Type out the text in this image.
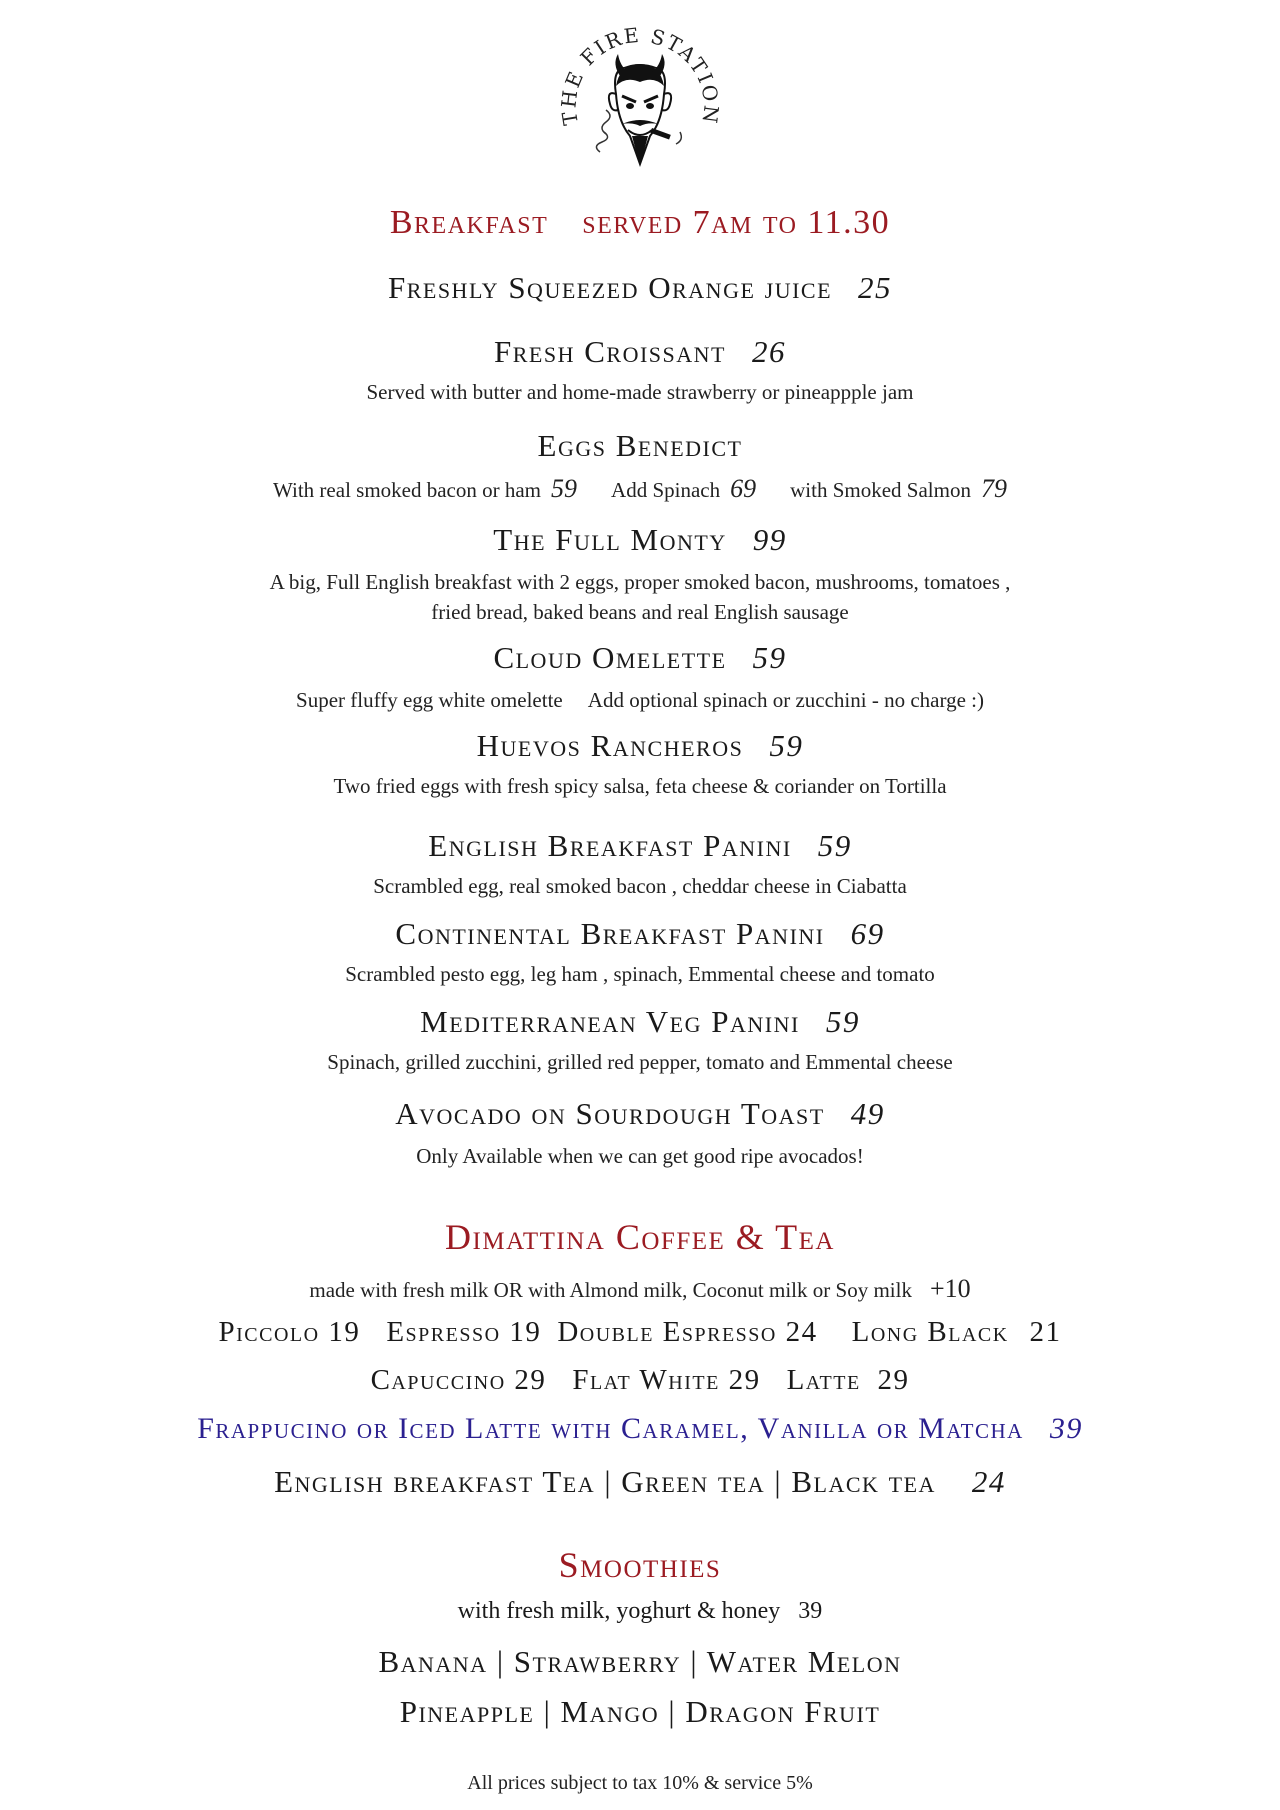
THE FIRE STATION
Breakfast served 7am to 11.30
Freshly Squeezed Orange juice 25
Fresh Croissant 26
Served with butter and home-made strawberry or pineappple jam
Eggs Benedict
With real smoked bacon or ham 59 Add Spinach 69 with Smoked Salmon 79
The Full Monty 99
A big, Full English breakfast with 2 eggs, proper smoked bacon, mushrooms, tomatoes ,
fried bread, baked beans and real English sausage
Cloud Omelette 59
Super fluffy egg white omelette     Add optional spinach or zucchini - no charge :)
Huevos Rancheros 59
Two fried eggs with fresh spicy salsa, feta cheese & coriander on Tortilla
English Breakfast Panini 59
Scrambled egg, real smoked bacon , cheddar cheese in Ciabatta
Continental Breakfast Panini 69
Scrambled pesto egg, leg ham , spinach, Emmental cheese and tomato
Mediterranean Veg Panini 59
Spinach, grilled zucchini, grilled red pepper, tomato and Emmental cheese
Avocado on Sourdough Toast 49
Only Available when we can get good ripe avocados!
Dimattina Coffee & Tea
made with fresh milk OR with Almond milk, Coconut milk or Soy milk +10
Piccolo 19 Espresso 19 Double Espresso 24 Long Black 21
Capuccino 29 Flat White 29 Latte 29
Frappucino or Iced Latte with Caramel, Vanilla or Matcha 39
English breakfast Tea | Green tea | Black tea 24
Smoothies
with fresh milk, yoghurt & honey   39
Banana | Strawberry | Water Melon
Pineapple | Mango | Dragon Fruit
All prices subject to tax 10% & service 5%
